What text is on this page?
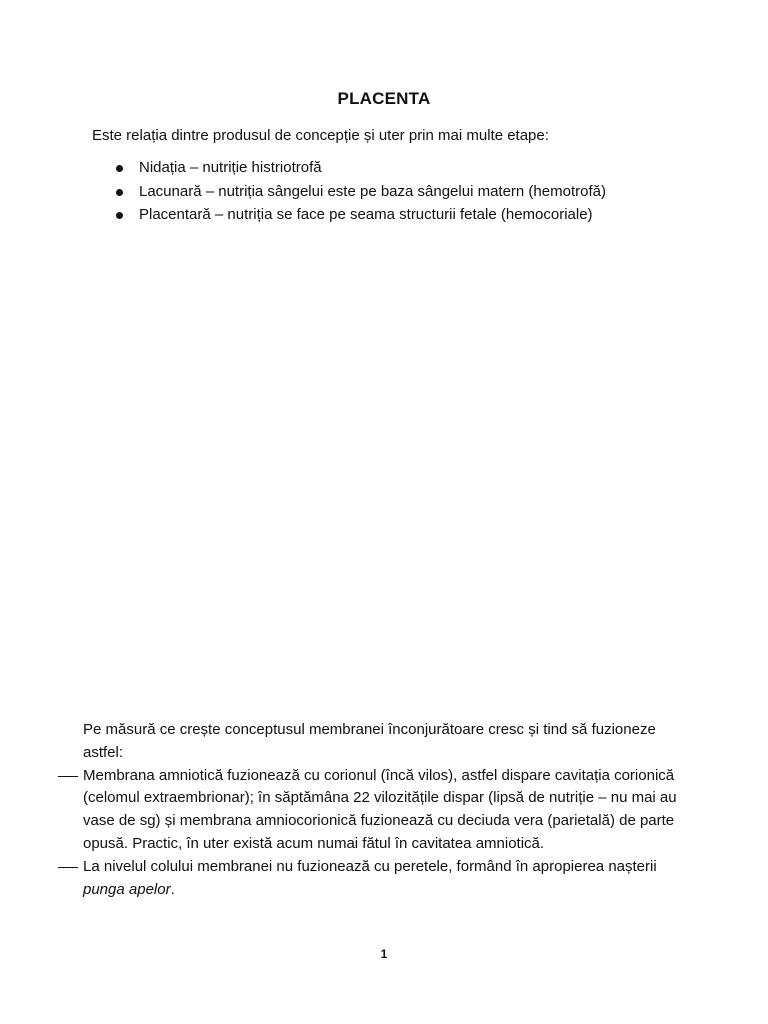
PLACENTA
Este relația dintre produsul de concepție și uter prin mai multe etape:
Nidația – nutriție histriotrofă
Lacunară – nutriția sângelui este pe baza sângelui matern (hemotrofă)
Placentară – nutriția se face pe seama structurii fetale (hemocoriale)

Pe măsură ce crește conceptusul membranei înconjurătoare cresc și tind să fuzioneze astfel:

Membrana amniotică fuzionează cu corionul (încă vilos), astfel dispare cavitația corionică (celomul extraembrionar); în săptămâna 22 vilozitățile dispar (lipsă de nutriție – nu mai au vase de sg) și membrana amniocorionică fuzionează cu deciuda vera (parietală) de parte opusă. Practic, în uter există acum numai fătul în cavitatea amniotică.
La nivelul colului membranei nu fuzionează cu peretele, formând în apropierea nașterii punga apelor.
1
